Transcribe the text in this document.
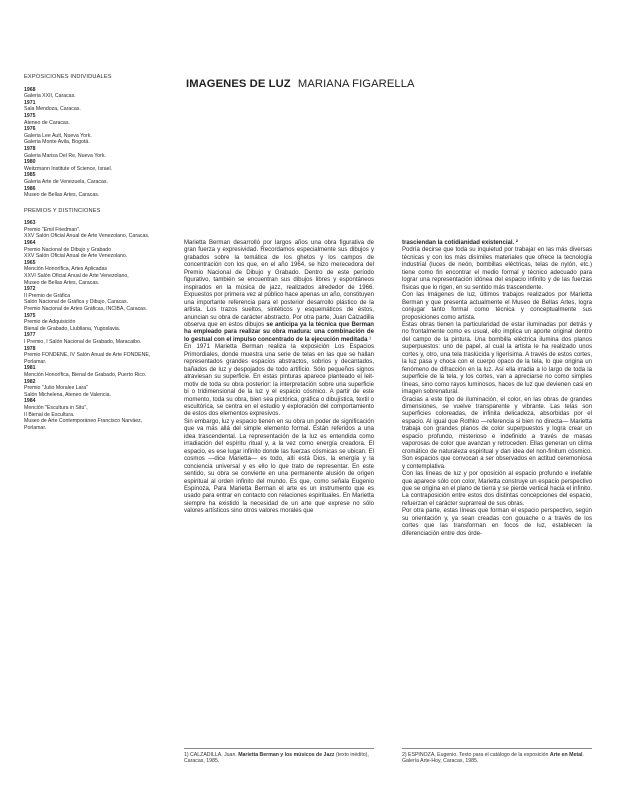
EXPOSICIONES INDIVIDUALES
1968
Galeria XXII, Caracas.
1971
Sala Mendoza, Caracas.
1975
Ateneo de Caracas.
1976
Galeria Lee Ault, Nueva York.
Galeria Monte Avila, Bogotá.
1978
Galeria Marisa Del Re, Nueva York.
1980
Weitzmann Institute of Science, Israel.
1985
Galeria Arte de Venezuela, Caracas.
1986
Museo de Bellas Artes, Caracas.
PREMIOS Y DISTINCIONES
1963
Premio "Emil Friedman".
XXV Salón Oficial Anual de Arte Venezolano, Caracas.
1964
Premio Nacional de Dibujo y Grabado
XXV Salón Oficial Anual de Arte Venezolano.
1965
Mención Honorífica, Artes Aplicadas
XXVI Salón Oficial Anual de Arte Venezolano,
Museo de Bellas Artes, Caracas.
1972
II Premio de Gráfica
Salón Nacional de Gráfica y Dibujo, Caracas.
Premio Nacional de Artes Gráficas, INCIBA, Caracas.
1975
Premio de Adquisición
Bienal de Grabado, Liubliana, Yugoslavia.
1977
I Premio, I Salón Nacional de Grabado, Maracaibo.
1978
Premio FONDENE, IV Salón Anual de Arte FONDENE,
Porlamar.
1981
Mención Honorífica, Bienal de Grabado, Puerto Rico.
1982
Premio "Julio Morales Lara"
Salón Michelena, Ateneo de Valencia.
1984
Mención "Escultura in Situ",
II Bienal de Escultura.
Museo de Arte Contemporáneo Francisco Narváez,
Porlamar.
IMAGENES DE LUZ MARIANA FIGARELLA

Marietta Berman desarrolló por largos años una obra figurativa de gran fuerza y expresividad. Recordamos especialmente sus dibujos y grabados sobre la temática de los ghetos y los campos de concentración con los que, en el año 1964, se hizo merecedora del Premio Nacional de Dibujo y Grabado. Dentro de este período figurativo, también se encuentran sus dibujos libres y espontáneos inspirados en la música de jazz, realizados alrededor de 1966. Expuestos por primera vez al público hace apenas un año, constituyen una importante referencia para el posterior desarrollo plástico de la artista. Los trazos sueltos, sintéticos y esquemáticos de éstos, anuncian su obra de carácter abstracto. Por otra parte, Juan Calzadilla observa que en estos dibujos se anticipa ya la técnica que Berman ha empleado para realizar su obra madura: una combinación de lo gestual con el impulso concentrado de la ejecución meditada ¹

En 1971 Marietta Berman realiza la exposición Los Espacios Primordiales, donde muestra una serie de telas en las que se hallan representados grandes espacios abstractos, sobrios y decantados, bañados de luz y despojados de todo artificio. Sólo pequeños signos atraviesan su superficie. En estas pinturas aparece planteado el leit-motiv de toda su obra posterior: la interpretación sobre una superficie bi o tridimensional de la luz y el espacio cósmico. A partir de este momento, toda su obra, bien sea pictórica, gráfica o dibujística, textil o escultórica, se centra en el estudio y exploración del comportamiento de estos dos elementos expresivos.

Sin embargo, luz y espacio tienen en su obra un poder de significación que va más allá del simple elemento formal. Están referidos a una idea trascendental. La representación de la luz es entendida como irradiación del espíritu ritual y, a la vez como energía creadora. El espacio, es ese lugar infinito donde las fuerzas cósmicas se ubican. El cosmos —dice Marietta— es todo, allí está Dios, la energía y la conciencia universal y es ello lo que trato de representar. En este sentido, su obra se convierte en una permanente alusión de origen espiritual al orden infinito del mundo. Es que, como señala Eugenio Espinoza, Para Marietta Berman el arte es un instrumento que es usado para entrar en contacto con relaciones espirituales. En Marietta siempre ha existido la necesidad de un arte que exprese no sólo valores artísticos sino otros valores morales que

trasciendan la cotidianidad existencial. ²

Podría decirse que toda su inquietud por trabajar en las más diversas técnicas y con los más disímiles materiales que ofrece la tecnología industrial (luces de neón, bombillas eléctricas, telas de nylón, etc.) tiene como fin encontrar el medio formal y técnico adecuado para lograr una representación idónea del espacio infinito y de las fuerzas físicas que lo rigen, en su sentido más trascendente.

Con las Imágenes de luz, últimos trabajos realizados por Marietta Berman y que presenta actualmente el Museo de Bellas Artes, logra conjugar tanto formal como técnica y conceptualmente sus proposiciones como artista.

Estas obras tienen la particularidad de estar iluminadas por detrás y no frontalmente como es usual, ello implica un aporte original dentro del campo de la pintura. Una bombilla eléctrica ilumina dos planos superpuestos: uno de papel, al cual la artista le ha realizado unos cortes y, otro, una tela traslúcida y ligerísima. A través de estos cortes, la luz pasa y choca con el cuerpo opaco de la tela, lo que origina un fenómeno de difracción en la luz. Así ella irradia a lo largo de toda la superficie de la tela, y los cortes, van a apreciarse no como simples líneas, sino como rayos luminosos, haces de luz que devienen casi en imagen sobrenatural.

Gracias a este tipo de iluminación, el color, en las obras de grandes dimensiones, se vuelve transparente y vibrante. Las telas son superficies coloreadas, de infinita delicadeza, absorbidas por el espacio. Al igual que Rothko —referencia si bien no directa— Marietta trabaja con grandes planos de color superpuestos y logra crear un espacio profundo, misterioso e indefinido a través de masas vaporosas de color que avanzan y retroceden. Ellas generan un clima cromático de naturaleza espiritual y dan idea del non-finitum cósmico. Son espacios que convocan a ser observados en actitud ceremoniosa y contemplativa.

Con las líneas de luz y por oposición al espacio profundo e inefable que aparece sólo con color, Marietta construye un espacio perspectivo que se origina en el plano de tierra y se pierde vertical hacia el infinito. La contraposición entre estos dos distintas concepciones del espacio, refuerzan el carácter suprarreal de sus obras.

Por otra parte, estas líneas que forman el espacio perspectivo, según su orientación y, ya sean creadas con gouache o a través de los cortes que las transforman en focos de luz, establecen la diferenciación entre dos órde-

1) CALZADILLA, Juan. Marietta Berman y los músicos de Jazz (texto inédito), Caracas, 1985.
2) ESPINOZA, Eugenio. Texto para el catálogo de la exposición Arte en Metal. Galería Arte-Hoy, Caracas, 1985.
